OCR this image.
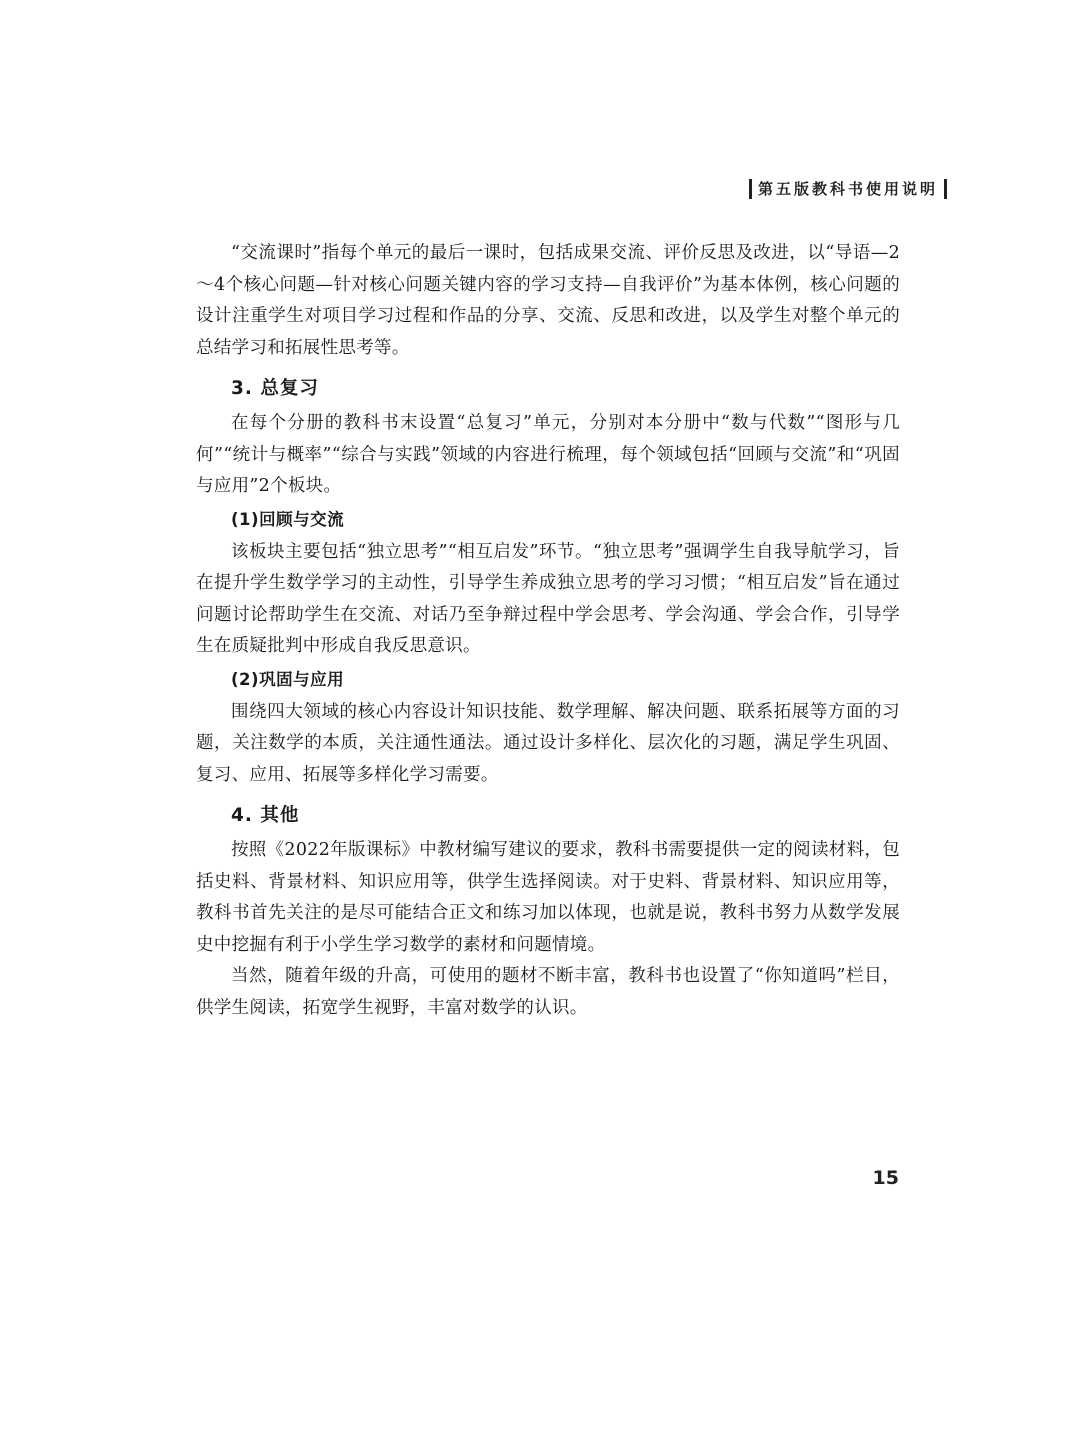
第五版教科书使用说明

“交流课时”指每个单元的最后一课时，包括成果交流、评价反思及改进，以“导语—2～4个核心问题—针对核心问题关键内容的学习支持—自我评价”为基本体例，核心问题的设计注重学生对项目学习过程和作品的分享、交流、反思和改进，以及学生对整个单元的总结学习和拓展性思考等。

3. 总复习

在每个分册的教科书末设置“总复习”单元，分别对本分册中“数与代数”“图形与几何”“统计与概率”“综合与实践”领域的内容进行梳理，每个领域包括“回顾与交流”和“巩固与应用”2个板块。

(1)回顾与交流

该板块主要包括“独立思考”“相互启发”环节。“独立思考”强调学生自我导航学习，旨在提升学生数学学习的主动性，引导学生养成独立思考的学习习惯；“相互启发”旨在通过问题讨论帮助学生在交流、对话乃至争辩过程中学会思考、学会沟通、学会合作，引导学生在质疑批判中形成自我反思意识。

(2)巩固与应用

围绕四大领域的核心内容设计知识技能、数学理解、解决问题、联系拓展等方面的习题，关注数学的本质，关注通性通法。通过设计多样化、层次化的习题，满足学生巩固、复习、应用、拓展等多样化学习需要。

4. 其他

按照《2022年版课标》中教材编写建议的要求，教科书需要提供一定的阅读材料，包括史料、背景材料、知识应用等，供学生选择阅读。对于史料、背景材料、知识应用等，教科书首先关注的是尽可能结合正文和练习加以体现，也就是说，教科书努力从数学发展史中挖掘有利于小学生学习数学的素材和问题情境。

当然，随着年级的升高，可使用的题材不断丰富，教科书也设置了“你知道吗”栏目，供学生阅读，拓宽学生视野，丰富对数学的认识。

15
